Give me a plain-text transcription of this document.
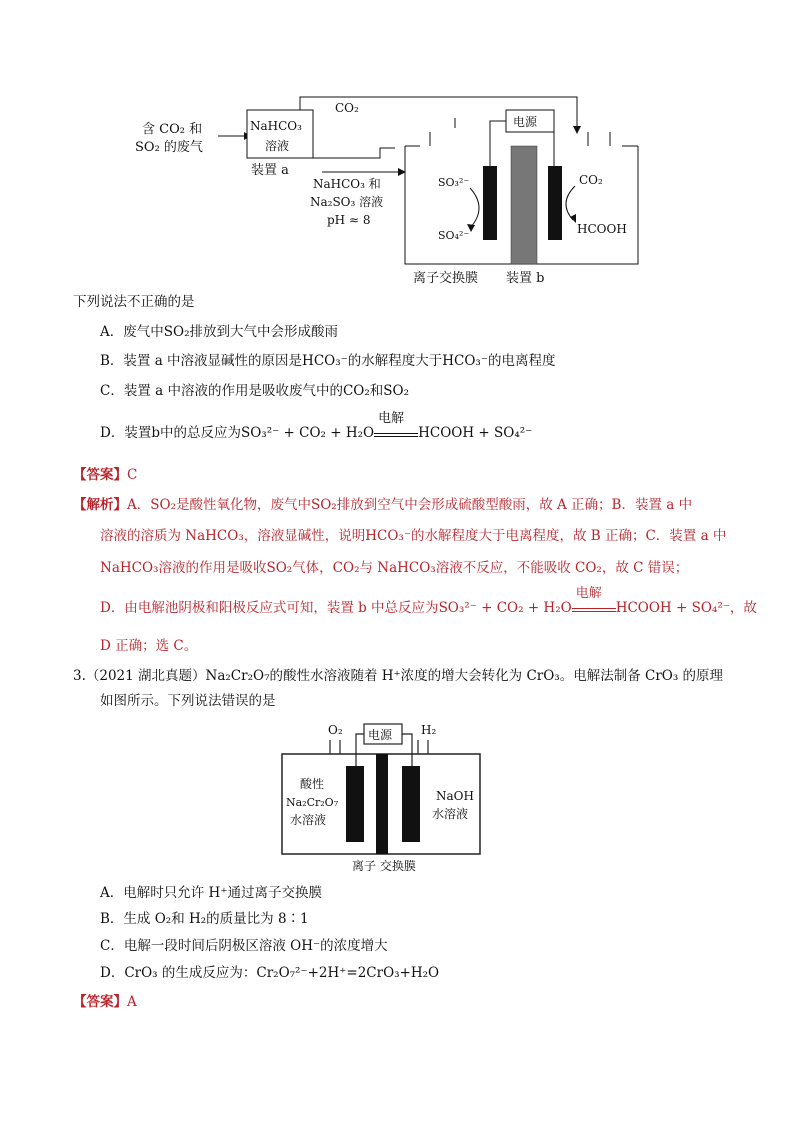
含 CO₂ 和
SO₂ 的废气
NaHCO₃
溶液
装置 a
CO₂
NaHCO₃ 和
Na₂SO₃ 溶液
pH ≈ 8
电源
SO₃²⁻
SO₄²⁻
CO₂
HCOOH
离子交换膜 装置 b
下列说法不正确的是
A．废气中SO₂排放到大气中会形成酸雨
B．装置 a 中溶液显碱性的原因是HCO₃⁻的水解程度大于HCO₃⁻的电离程度
C．装置 a 中溶液的作用是吸收废气中的CO₂和SO₂
D．装置b中的总反应为SO₃²⁻ + CO₂ + H₂O
电解
HCOOH + SO₄²⁻
【答案】C
【解析】A．SO₂是酸性氧化物，废气中SO₂排放到空气中会形成硫酸型酸雨，故 A 正确；B．装置 a 中
溶液的溶质为 NaHCO₃，溶液显碱性，说明HCO₃⁻的水解程度大于电离程度，故 B 正确；C．装置 a 中
NaHCO₃溶液的作用是吸收SO₂气体，CO₂与 NaHCO₃溶液不反应，不能吸收 CO₂，故 C 错误；
D．由电解池阴极和阳极反应式可知，装置 b 中总反应为SO₃²⁻ + CO₂ + H₂O
电解
HCOOH + SO₄²⁻，故
D 正确；选 C。
3.（2021 湖北真题）Na₂Cr₂O₇的酸性水溶液随着 H⁺浓度的增大会转化为 CrO₃。电解法制备 CrO₃ 的原理
如图所示。下列说法错误的是
O₂	H₂
电源
酸性
Na₂Cr₂O₇
水溶液
NaOH
水溶液
离子 交换膜
A．电解时只允许 H⁺通过离子交换膜
B．生成 O₂和 H₂的质量比为 8∶1
C．电解一段时间后阴极区溶液 OH⁻的浓度增大
D．CrO₃ 的生成反应为：Cr₂O₇²⁻+2H⁺=2CrO₃+H₂O
【答案】A
